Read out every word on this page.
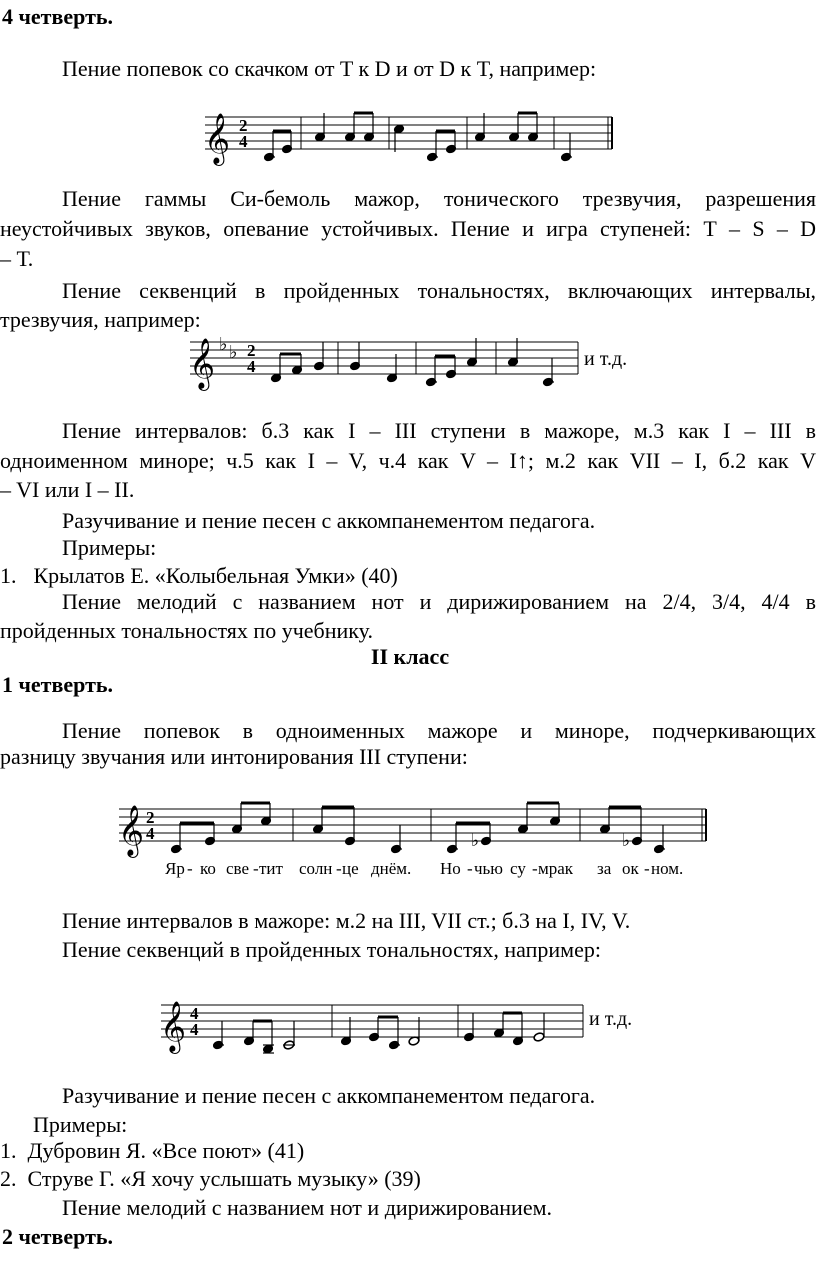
4 четверть.
Пение попевок со скачком от T к D и от D к T, например:
𝄞 2
4
Пение гаммы Си-бемоль мажор, тонического трезвучия, разрешения
неустойчивых звуков, опевание устойчивых. Пение и игра ступеней: Т – S – D
– Т.
Пение секвенций в пройденных тональностях, включающих интервалы,
трезвучия, например:
𝄞 ♭ ♭ 2
4	и т.д.
Пение интервалов: б.3 как I – III ступени в мажоре, м.3 как I – III в
одноименном миноре; ч.5 как I – V, ч.4 как V – I↑; м.2 как VII – I, б.2 как V
– VI или I – II.
Разучивание и пение песен с аккомпанементом педагога.
Примеры:
1. Крылатов Е. «Колыбельная Умки» (40)
Пение мелодий с названием нот и дирижированием на 2/4, 3/4, 4/4 в
пройденных тональностях по учебнику.
II класс
1 четверть.
Пение попевок в одноименных мажоре и миноре, подчеркивающих
разницу звучания или интонирования III ступени:
𝄞 2
4	♭	♭
Яр - ко све - тит солн - це днём. Но - чью су - мрак за ок - ном.
Пение интервалов в мажоре: м.2 на III, VII ст.; б.3 на I, IV, V.
Пение секвенций в пройденных тональностях, например:
𝄞 4
4	и т.д.
Разучивание и пение песен с аккомпанементом педагога.
Примеры:
1. Дубровин Я. «Все поют» (41)
2. Струве Г. «Я хочу услышать музыку» (39)
Пение мелодий с названием нот и дирижированием.
2 четверть.
